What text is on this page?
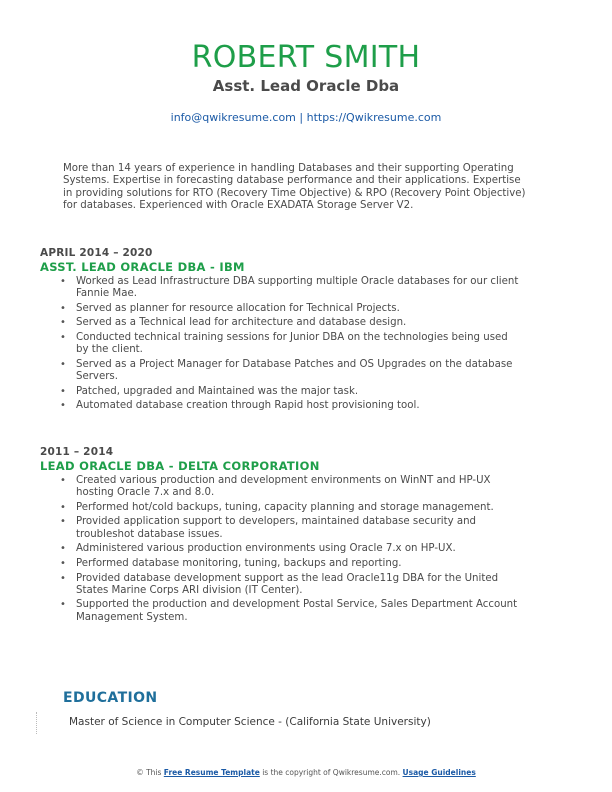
ROBERT SMITH
Asst. Lead Oracle Dba
info@qwikresume.com | https://Qwikresume.com
More than 14 years of experience in handling Databases and their supporting Operating Systems. Expertise in forecasting database performance and their applications. Expertise in providing solutions for RTO (Recovery Time Objective) & RPO (Recovery Point Objective) for databases. Experienced with Oracle EXADATA Storage Server V2.
APRIL 2014 – 2020
ASST. LEAD ORACLE DBA - IBM
• Worked as Lead Infrastructure DBA supporting multiple Oracle databases for our client Fannie Mae.
• Served as planner for resource allocation for Technical Projects.
• Served as a Technical lead for architecture and database design.
• Conducted technical training sessions for Junior DBA on the technologies being used by the client.
• Served as a Project Manager for Database Patches and OS Upgrades on the database Servers.
• Patched, upgraded and Maintained was the major task.
• Automated database creation through Rapid host provisioning tool.
2011 – 2014
LEAD ORACLE DBA - DELTA CORPORATION
• Created various production and development environments on WinNT and HP-UX hosting Oracle 7.x and 8.0.
• Performed hot/cold backups, tuning, capacity planning and storage management.
• Provided application support to developers, maintained database security and troubleshot database issues.
• Administered various production environments using Oracle 7.x on HP-UX.
• Performed database monitoring, tuning, backups and reporting.
• Provided database development support as the lead Oracle11g DBA for the United States Marine Corps ARI division (IT Center).
• Supported the production and development Postal Service, Sales Department Account Management System.
EDUCATION
Master of Science in Computer Science - (California State University)
© This Free Resume Template is the copyright of Qwikresume.com. Usage Guidelines
